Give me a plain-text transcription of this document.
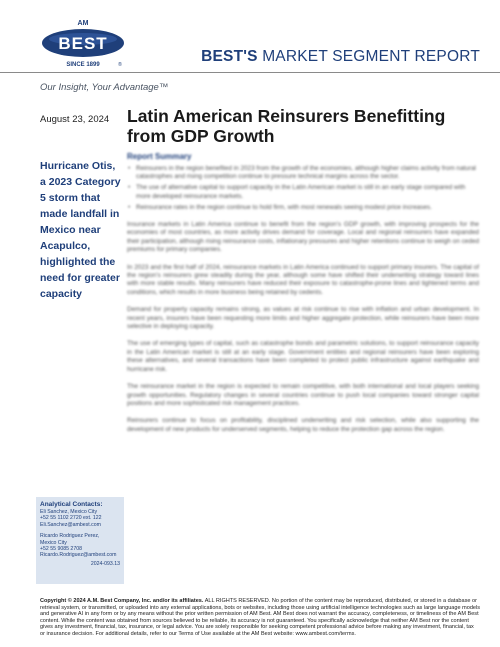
AM
BEST
SINCE 1899	®	BEST'S MARKET SEGMENT REPORT
Our Insight, Your Advantage™
August 23, 2024 Latin American Reinsurers Benefitting from GDP Growth
Hurricane Otis, a 2023 Category 5 storm that made landfall in Mexico near Acapulco, highlighted the need for greater capacity
Report Summary
• Reinsurers in the region benefited in 2023 from the growth of the economies, although higher claims activity from natural catastrophes and rising competition continue to pressure technical margins across the sector.
• The use of alternative capital to support capacity in the Latin American market is still in an early stage compared with more developed reinsurance markets.
• Reinsurance rates in the region continue to hold firm, with most renewals seeing modest price increases.

Insurance markets in Latin America continue to benefit from the region's GDP growth, with improving prospects for the economies of most countries, as more activity drives demand for coverage. Local and regional reinsurers have expanded their participation, although rising reinsurance costs, inflationary pressures and higher retentions continue to weigh on ceded premiums for primary companies.

In 2023 and the first half of 2024, reinsurance markets in Latin America continued to support primary insurers. The capital of the region's reinsurers grew steadily during the year, although some have shifted their underwriting strategy toward lines with more stable results. Many reinsurers have reduced their exposure to catastrophe-prone lines and tightened terms and conditions, which results in more business being retained by cedents.

Demand for property capacity remains strong, as values at risk continue to rise with inflation and urban development. In recent years, insurers have been requesting more limits and higher aggregate protection, while reinsurers have been more selective in deploying capacity.

The use of emerging types of capital, such as catastrophe bonds and parametric solutions, to support reinsurance capacity in the Latin American market is still at an early stage. Government entities and regional reinsurers have been exploring these alternatives, and several transactions have been completed to protect public infrastructure against earthquake and hurricane risk.

The reinsurance market in the region is expected to remain competitive, with both international and local players seeking growth opportunities. Regulatory changes in several countries continue to push local companies toward stronger capital positions and more sophisticated risk management practices.

Reinsurers continue to focus on profitability, disciplined underwriting and risk selection, while also supporting the development of new products for underserved segments, helping to reduce the protection gap across the region.

Analytical Contacts:
Eli Sanchez, Mexico City
+52 55 1102 2720 ext. 122
Eli.Sanchez@ambest.com
Ricardo Rodriguez Perez,
Mexico City
+52 55 9085 2708
Ricardo.Rodriguez@ambest.com
2024-093.13
Copyright © 2024 A.M. Best Company, Inc. and/or its affiliates. ALL RIGHTS RESERVED. No portion of the content may be reproduced, distributed, or stored in a database or retrieval system, or transmitted, or uploaded into any external applications, bots or websites, including those using artificial intelligence technologies such as large language models and generative AI in any form or by any means without the prior written permission of AM Best. AM Best does not warrant the accuracy, completeness, or timeliness of the AM Best content. While the content was obtained from sources believed to be reliable, its accuracy is not guaranteed. You specifically acknowledge that neither AM Best nor the content gives any investment, financial, tax, insurance, or legal advice. You are solely responsible for seeking competent professional advice before making any investment, financial, tax or insurance decision. For additional details, refer to our Terms of Use available at the AM Best website: www.ambest.com/terms.
